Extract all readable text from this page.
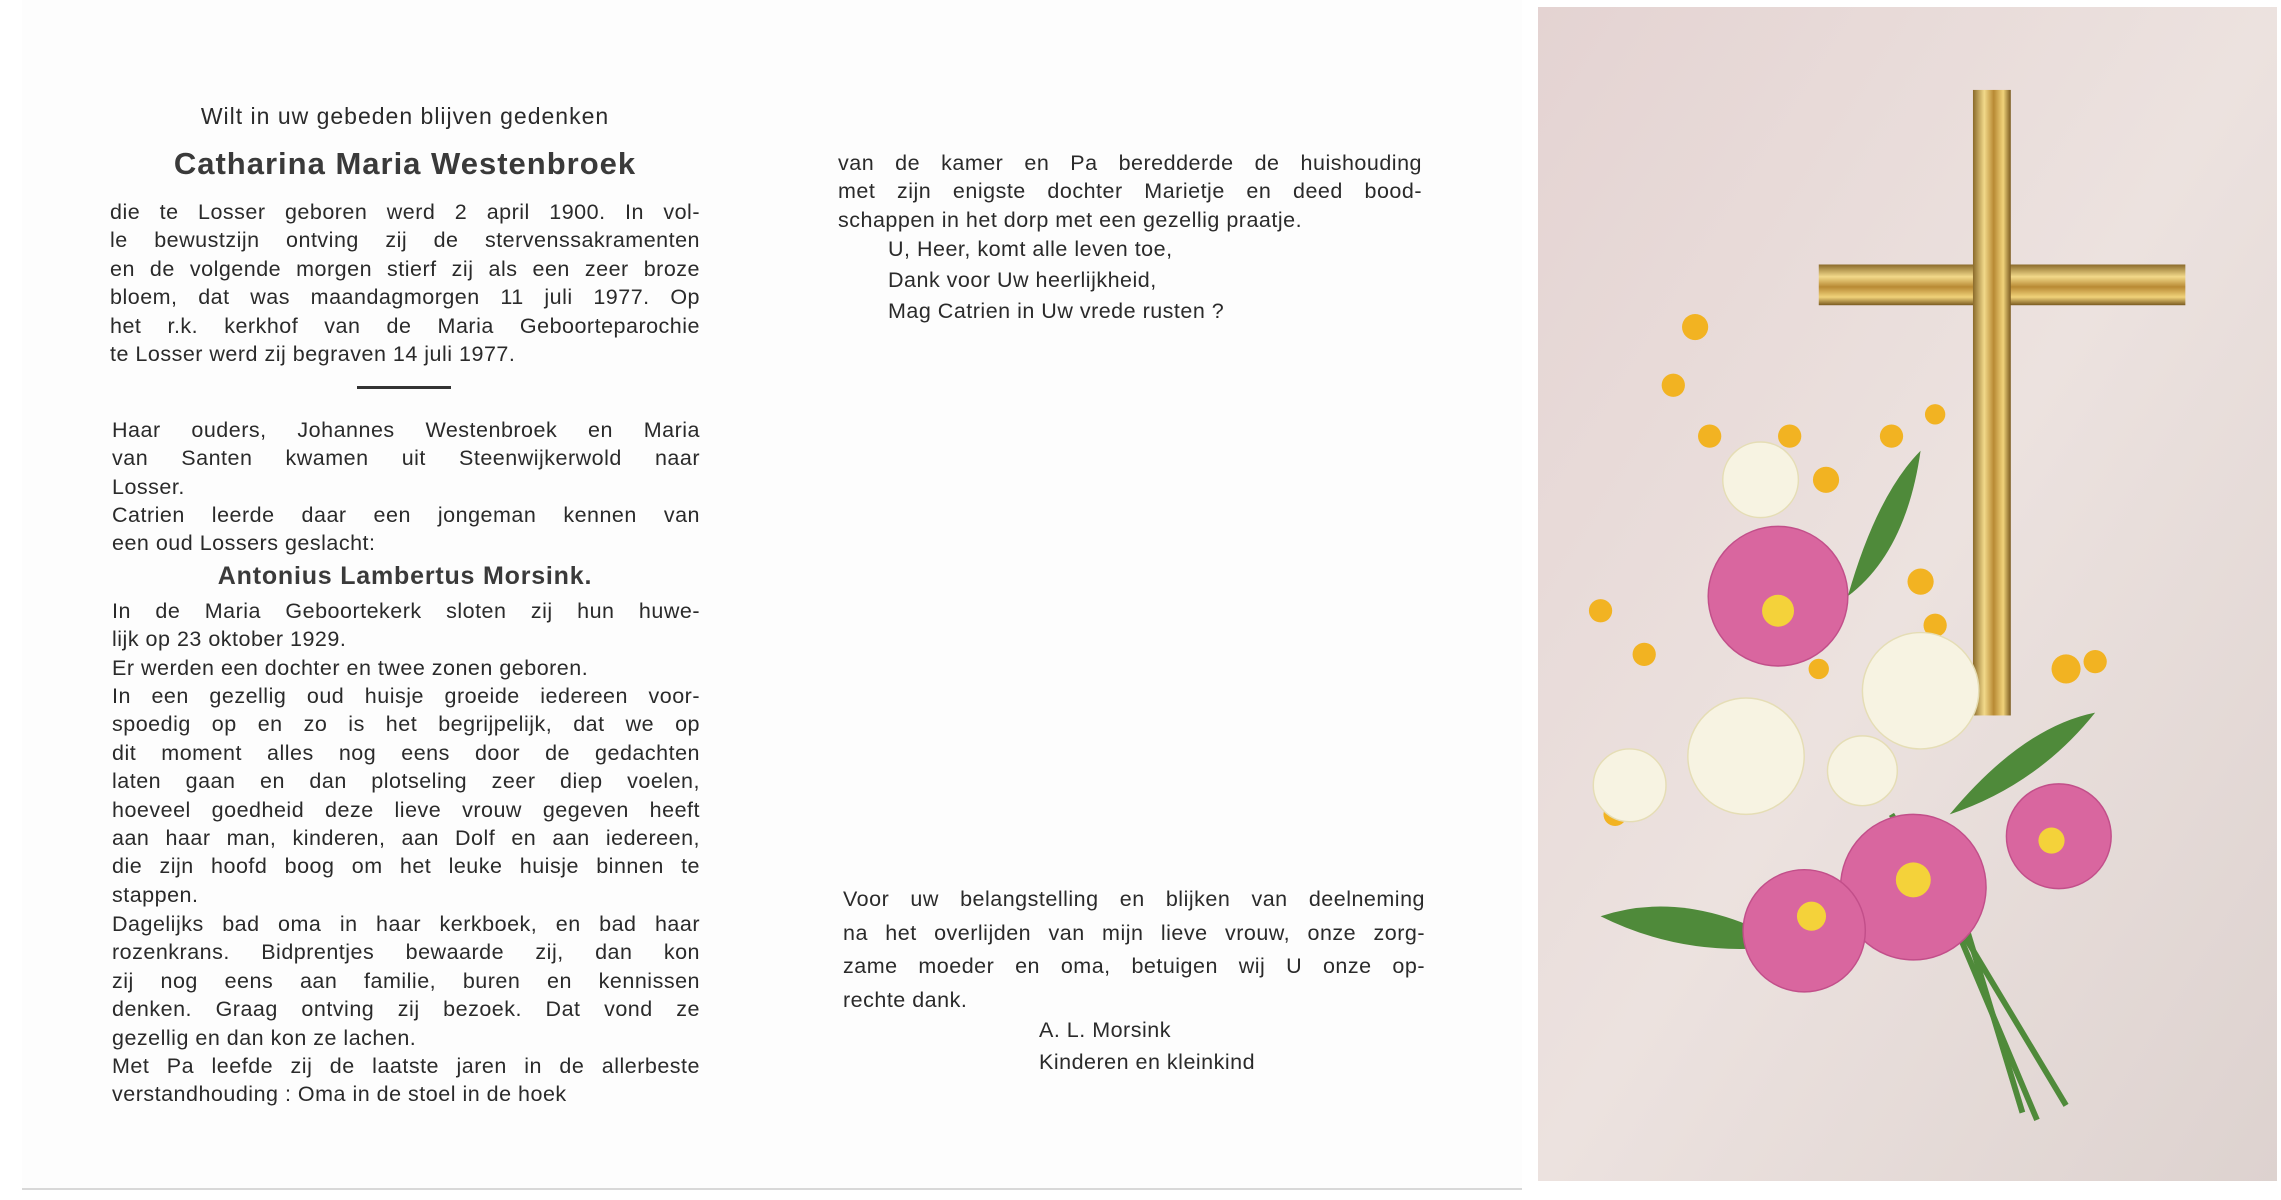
Wilt in uw gebeden blijven gedenken
Catharina Maria Westenbroek
Antonius Lambertus Morsink.
die te Losser geboren werd 2 april 1900. In vol-
le bewustzijn ontving zij de stervenssakramenten
en de volgende morgen stierf zij als een zeer broze
bloem, dat was maandagmorgen 11 juli 1977. Op
het r.k. kerkhof van de Maria Geboorteparochie
te Losser werd zij begraven 14 juli 1977.
Haar ouders, Johannes Westenbroek en Maria
van Santen kwamen uit Steenwijkerwold naar
Losser.
Catrien leerde daar een jongeman kennen van
een oud Lossers geslacht:
In de Maria Geboortekerk sloten zij hun huwe-
lijk op 23 oktober 1929.
Er werden een dochter en twee zonen geboren.
In een gezellig oud huisje groeide iedereen voor-
spoedig op en zo is het begrijpelijk, dat we op
dit moment alles nog eens door de gedachten
laten gaan en dan plotseling zeer diep voelen,
hoeveel goedheid deze lieve vrouw gegeven heeft
aan haar man, kinderen, aan Dolf en aan iedereen,
die zijn hoofd boog om het leuke huisje binnen te
stappen.
Dagelijks bad oma in haar kerkboek, en bad haar
rozenkrans. Bidprentjes bewaarde zij, dan kon
zij nog eens aan familie, buren en kennissen
denken. Graag ontving zij bezoek. Dat vond ze
gezellig en dan kon ze lachen.
Met Pa leefde zij de laatste jaren in de allerbeste
verstandhouding : Oma in de stoel in de hoek
van de kamer en Pa beredderde de huishouding
met zijn enigste dochter Marietje en deed bood-
schappen in het dorp met een gezellig praatje.
U, Heer, komt alle leven toe,
Dank voor Uw heerlijkheid,
Mag Catrien in Uw vrede rusten ?
Voor uw belangstelling en blijken van deelneming
na het overlijden van mijn lieve vrouw, onze zorg-
zame moeder en oma, betuigen wij U onze op-
rechte dank.
A. L. Morsink
Kinderen en kleinkind
